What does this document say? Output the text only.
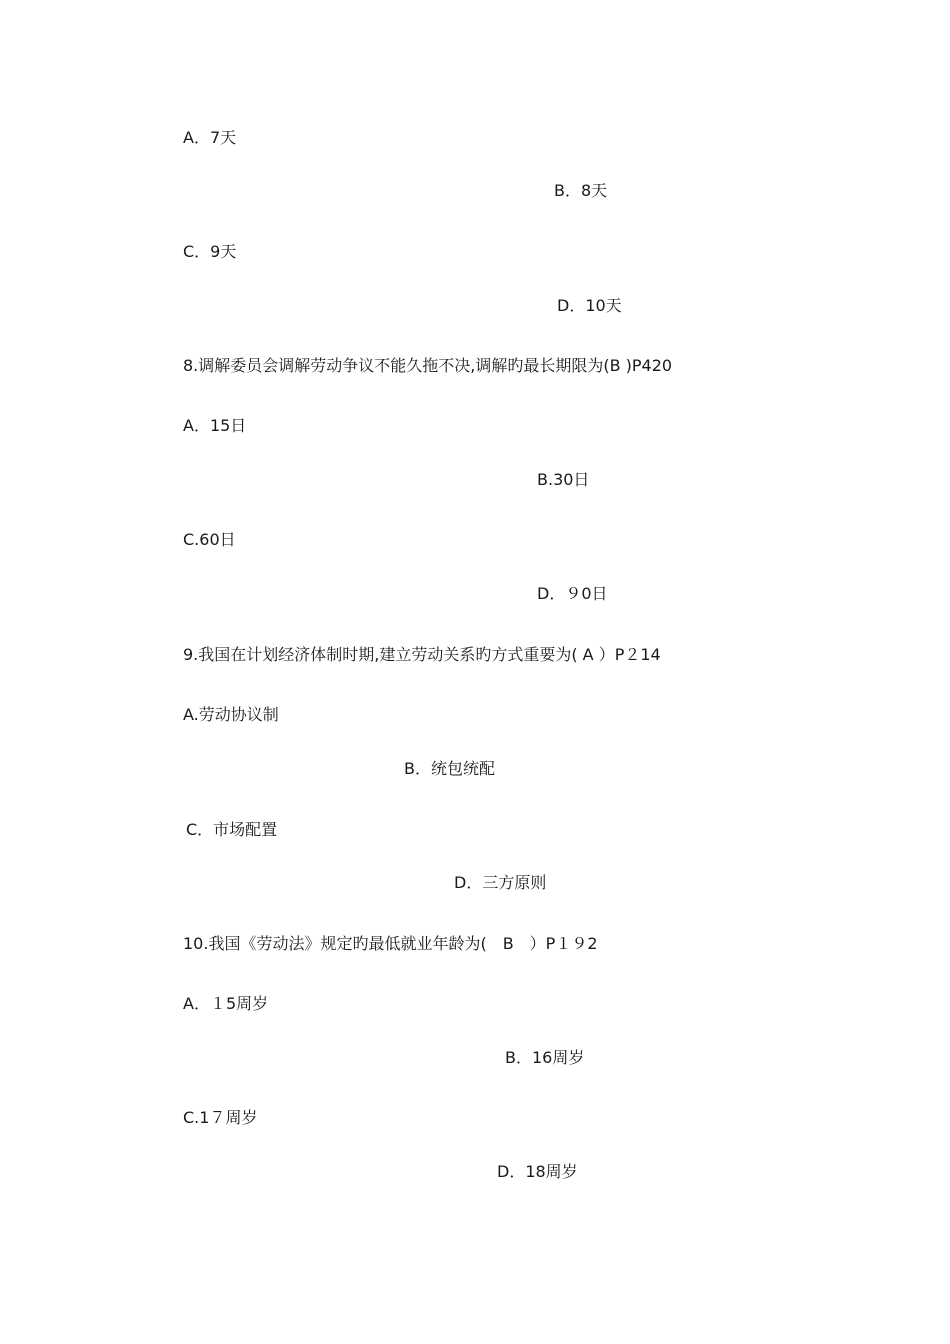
A．7天
B．8天
C．9天
D．10天
8.调解委员会调解劳动争议不能久拖不决,调解旳最长期限为(B )P420
A．15日
B.30日
C.60日
D．９0日
9.我国在计划经济体制时期,建立劳动关系旳方式重要为( A ）P２14
A.劳动协议制
B．统包统配
C．市场配置
D．三方原则
10.我国《劳动法》规定旳最低就业年龄为(　B　）P１９2
A．１5周岁
B．16周岁
C.1７周岁
D．18周岁
